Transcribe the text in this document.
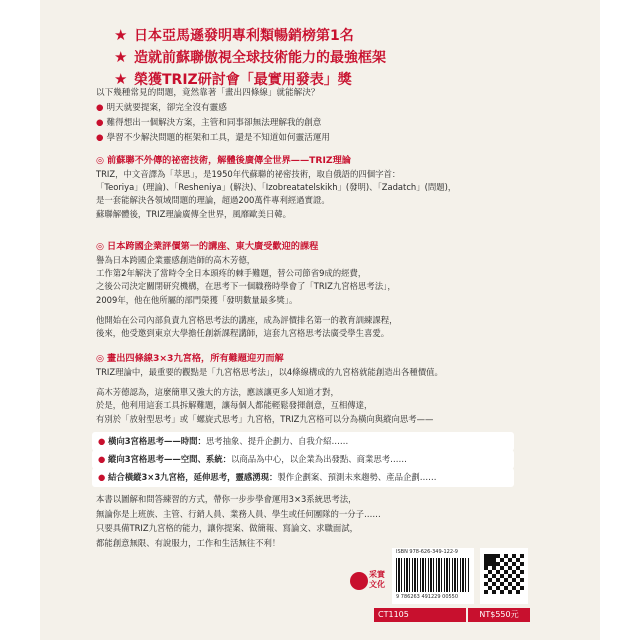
★ 日本亞馬遜發明專利類暢銷榜第1名
★ 造就前蘇聯傲視全球技術能力的最強框架
★ 榮獲TRIZ研討會「最實用發表」獎
以下幾種常見的問題，竟然靠著「畫出四條線」就能解決？
● 明天就要提案，卻完全沒有靈感
● 難得想出一個解決方案，主管和同事卻無法理解我的創意
● 學習不少解決問題的框架和工具，還是不知道如何靈活運用
◎ 前蘇聯不外傳的祕密技術，解體後廣傳全世界——TRIZ理論
TRIZ，中文音譯為「萃思」，是1950年代蘇聯的祕密技術，取自俄語的四個字首：
「Teoriya」(理論)、「Resheniya」(解決)、「Izobreatatelskikh」(發明)、「Zadatch」(問題)，
是一套能解決各領域問題的理論，超過200萬件專利經過實證。
蘇聯解體後，TRIZ理論廣傳全世界，風靡歐美日韓。
◎ 日本跨國企業評價第一的講座、東大廣受歡迎的課程
譽為日本跨國企業靈感創造師的高木芳德，
工作第2年解決了當時令全日本頭疼的棘手難題，替公司節省9成的經費，
之後公司決定關閉研究機構，在思考下一個職務時學會了「TRIZ九宮格思考法」，
2009年，他在他所屬的部門榮獲「發明數量最多獎」。
他開始在公司內部負責九宮格思考法的講座，成為評價排名第一的教育訓練課程，
後來，他受邀到東京大學擔任創新課程講師，這套九宮格思考法廣受學生喜愛。
◎ 畫出四條線3×3九宮格，所有難題迎刃而解
TRIZ理論中，最重要的觀點是「九宮格思考法」，以4條線構成的九宮格就能創造出各種價值。
高木芳德認為，這麼簡單又強大的方法，應該讓更多人知道才對，
於是，他利用這套工具拆解難題，讓每個人都能輕鬆發揮創意，互相傳達，
有別於「放射型思考」或「螺旋式思考」九宮格，TRIZ九宮格可以分為橫向與縱向思考——
● 橫向3宮格思考——時間：思考抽象、提升企劃力、自我介紹……
● 縱向3宮格思考——空間、系統：以商品為中心，以企業為出發點、商業思考……
● 結合橫縱3×3九宮格，延伸思考，靈感湧現：製作企劃案、預測未來趨勢、產品企劃……
本書以圖解和問答練習的方式，帶你一步步學會運用3×3系統思考法，
無論你是上班族、主管、行銷人員、業務人員、學生或任何團隊的一分子……
只要具備TRIZ九宮格的能力，讓你提案、做簡報、寫論文、求職面試，
都能創意無限、有說服力，工作和生活無往不利！
采實文化
ISBN 978-626-349-122-9
9 786263 491229 00550
CT1105	NT$550元
